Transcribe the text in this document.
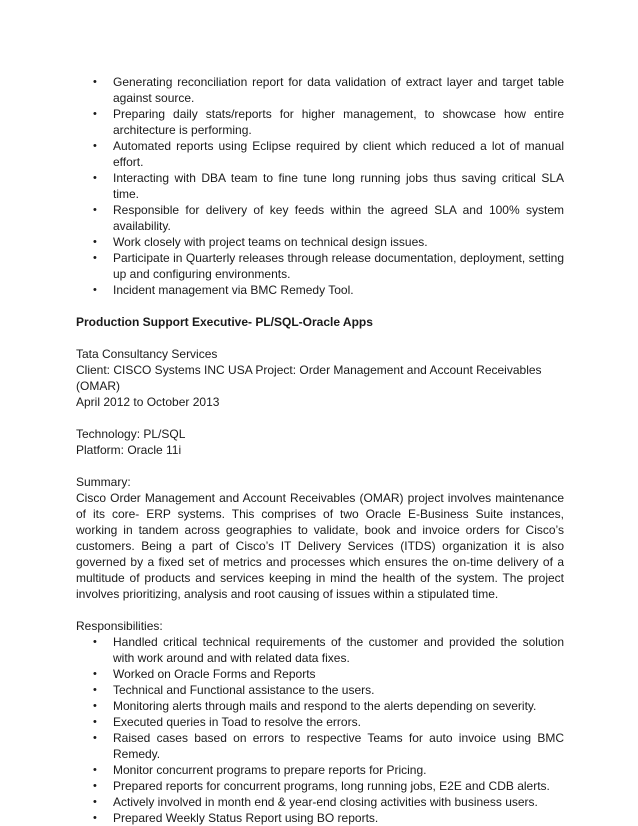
• Generating reconciliation report for data validation of extract layer and target table against source.
• Preparing daily stats/reports for higher management, to showcase how entire architecture is performing.
• Automated reports using Eclipse required by client which reduced a lot of manual effort.
• Interacting with DBA team to fine tune long running jobs thus saving critical SLA time.
• Responsible for delivery of key feeds within the agreed SLA and 100% system availability.
• Work closely with project teams on technical design issues.
• Participate in Quarterly releases through release documentation, deployment, setting up and configuring environments.
• Incident management via BMC Remedy Tool.
Production Support Executive- PL/SQL-Oracle Apps
Tata Consultancy Services
Client: CISCO Systems INC USA Project: Order Management and Account Receivables (OMAR)
April 2012 to October 2013
Technology: PL/SQL
Platform: Oracle 11i
Summary:
Cisco Order Management and Account Receivables (OMAR) project involves maintenance of its core- ERP systems. This comprises of two Oracle E-Business Suite instances, working in tandem across geographies to validate, book and invoice orders for Cisco’s customers. Being a part of Cisco’s IT Delivery Services (ITDS) organization it is also governed by a fixed set of metrics and processes which ensures the on-time delivery of a multitude of products and services keeping in mind the health of the system. The project involves prioritizing, analysis and root causing of issues within a stipulated time.
Responsibilities:
• Handled critical technical requirements of the customer and provided the solution with work around and with related data fixes.
• Worked on Oracle Forms and Reports
• Technical and Functional assistance to the users.
• Monitoring alerts through mails and respond to the alerts depending on severity.
• Executed queries in Toad to resolve the errors.
• Raised cases based on errors to respective Teams for auto invoice using BMC Remedy.
• Monitor concurrent programs to prepare reports for Pricing.
• Prepared reports for concurrent programs, long running jobs, E2E and CDB alerts.
• Actively involved in month end & year-end closing activities with business users.
• Prepared Weekly Status Report using BO reports.
